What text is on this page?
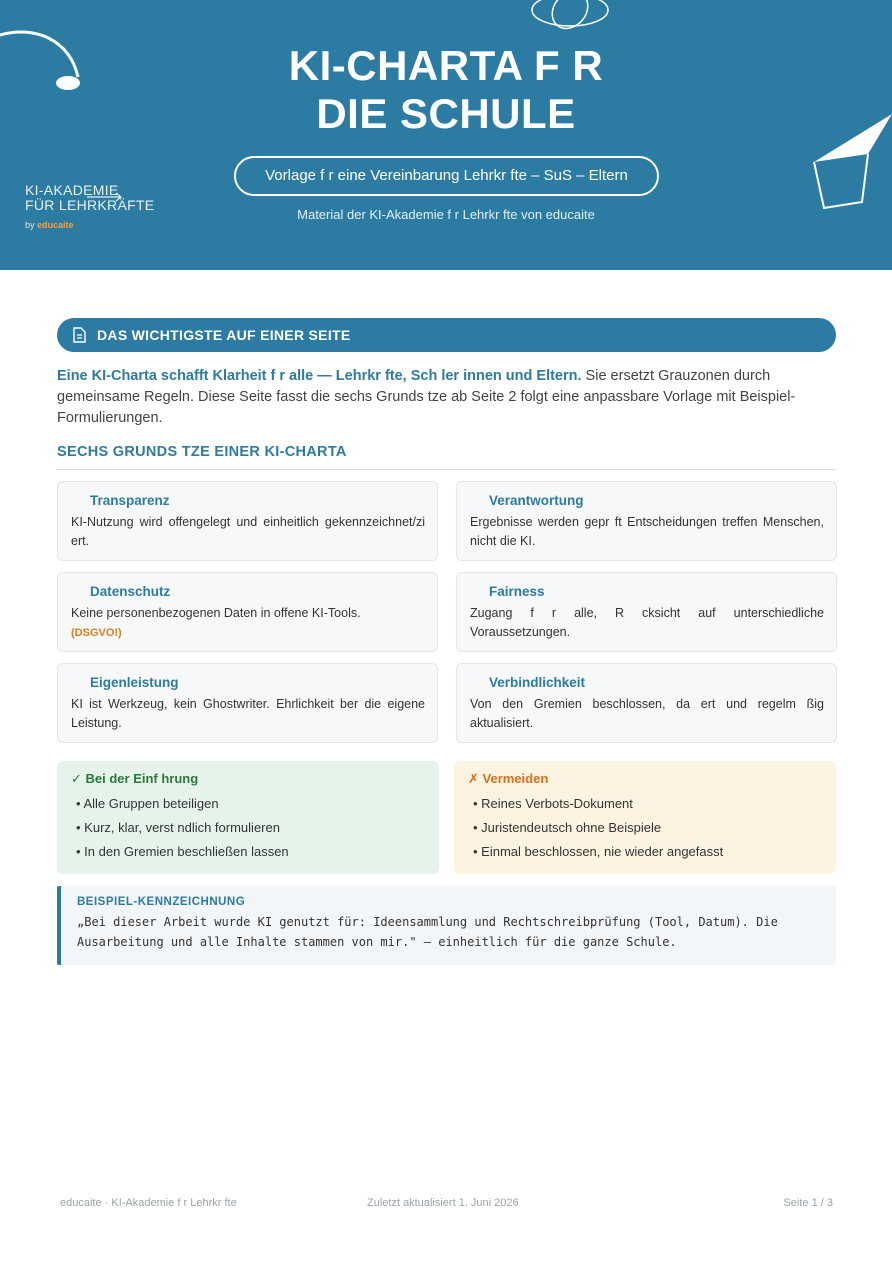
KI-CHARTA F R
DIE SCHULE
Vorlage f r eine Vereinbarung Lehrkr fte – SuS – Eltern
Material der KI-Akademie f r Lehrkr fte von educaite
KI-AKADEMIE
FÜR LEHRKRÄFTE
by educaite
DAS WICHTIGSTE AUF EINER SEITE
Eine KI-Charta schafft Klarheit f r alle — Lehrkr fte, Sch ler innen und Eltern. Sie ersetzt Grauzonen durch gemeinsame Regeln. Diese Seite fasst die sechs Grunds tze ab Seite 2 folgt eine anpassbare Vorlage mit Beispiel-Formulierungen.
SECHS GRUNDS TZE EINER KI-CHARTA
Transparenz
KI-Nutzung wird offengelegt und einheitlich gekennzeichnet/zi ert.
Verantwortung
Ergebnisse werden gepr ft Entscheidungen treffen Menschen, nicht die KI.
Datenschutz
Keine personenbezogenen Daten in offene KI-Tools.
(DSGVO!)
Fairness
Zugang f r alle, R cksicht auf unterschiedliche Voraussetzungen.
Eigenleistung
KI ist Werkzeug, kein Ghostwriter. Ehrlichkeit ber die eigene Leistung.
Verbindlichkeit
Von den Gremien beschlossen, da ert und regelm ßig aktualisiert.
✓ Bei der Einf hrung
• Alle Gruppen beteiligen
• Kurz, klar, verst ndlich formulieren
• In den Gremien beschließen lassen
✗ Vermeiden
• Reines Verbots-Dokument
• Juristendeutsch ohne Beispiele
• Einmal beschlossen, nie wieder angefasst
BEISPIEL-KENNZEICHNUNG
„Bei dieser Arbeit wurde KI genutzt für: Ideensammlung und Rechtschreibprüfung (Tool, Datum). Die Ausarbeitung und alle Inhalte stammen von mir." — einheitlich für die ganze Schule.
educaite · KI-Akademie f r Lehrkr fte	Zuletzt aktualisiert 1. Juni 2026	Seite 1 / 3
